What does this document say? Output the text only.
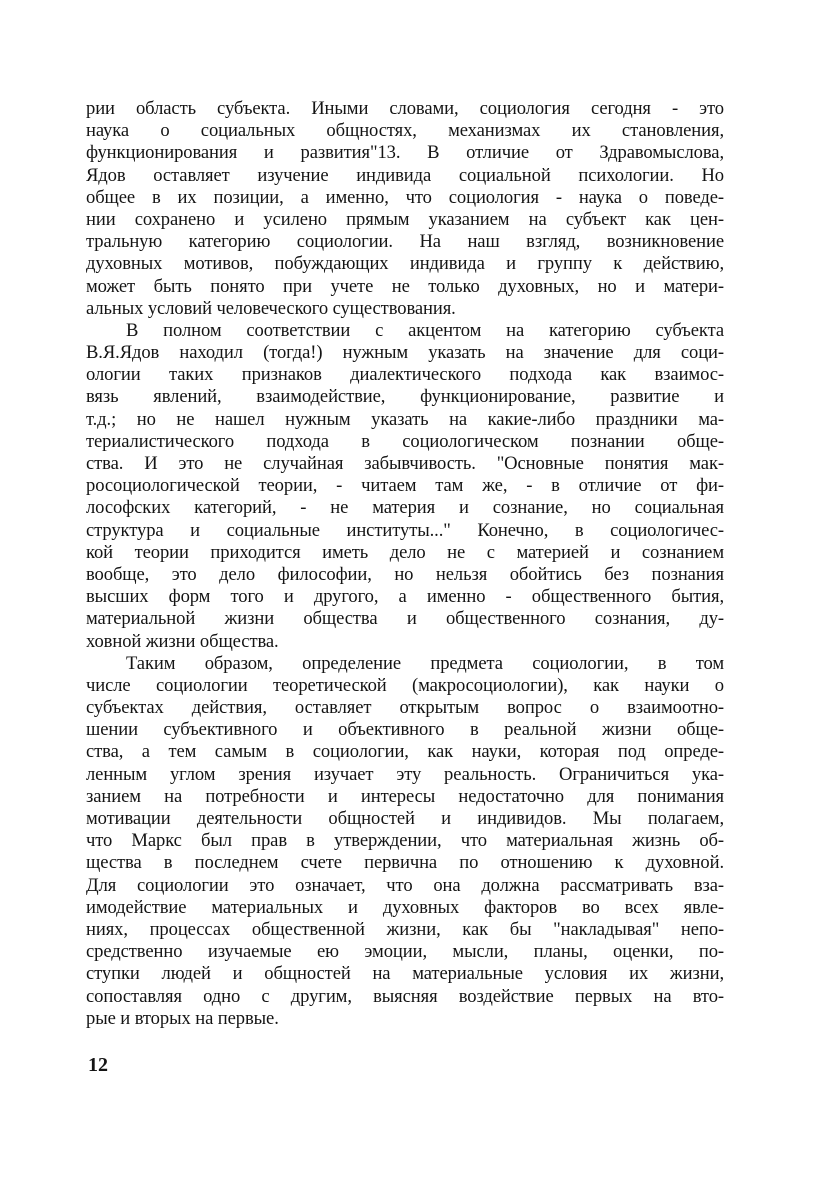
рии область субъекта. Иными словами, социология сегодня - это
наука о социальных общностях, механизмах их становления,
функционирования и развития"13. В отличие от Здравомыслова,
Ядов оставляет изучение индивида социальной психологии. Но
общее в их позиции, а именно, что социология - наука о поведе-
нии сохранено и усилено прямым указанием на субъект как цен-
тральную категорию социологии. На наш взгляд, возникновение
духовных мотивов, побуждающих индивида и группу к действию,
может быть понято при учете не только духовных, но и матери-
альных условий человеческого существования.
В полном соответствии с акцентом на категорию субъекта
В.Я.Ядов находил (тогда!) нужным указать на значение для соци-
ологии таких признаков диалектического подхода как взаимос-
вязь явлений, взаимодействие, функционирование, развитие и
т.д.; но не нашел нужным указать на какие-либо праздники ма-
териалистического подхода в социологическом познании обще-
ства. И это не случайная забывчивость. "Основные понятия мак-
росоциологической теории, - читаем там же, - в отличие от фи-
лософских категорий, - не материя и сознание, но социальная
структура и социальные институты..." Конечно, в социологичес-
кой теории приходится иметь дело не с материей и сознанием
вообще, это дело философии, но нельзя обойтись без познания
высших форм того и другого, а именно - общественного бытия,
материальной жизни общества и общественного сознания, ду-
ховной жизни общества.
Таким образом, определение предмета социологии, в том
числе социологии теоретической (макросоциологии), как науки о
субъектах действия, оставляет открытым вопрос о взаимоотно-
шении субъективного и объективного в реальной жизни обще-
ства, а тем самым в социологии, как науки, которая под опреде-
ленным углом зрения изучает эту реальность. Ограничиться ука-
занием на потребности и интересы недостаточно для понимания
мотивации деятельности общностей и индивидов. Мы полагаем,
что Маркс был прав в утверждении, что материальная жизнь об-
щества в последнем счете первична по отношению к духовной.
Для социологии это означает, что она должна рассматривать вза-
имодействие материальных и духовных факторов во всех явле-
ниях, процессах общественной жизни, как бы "накладывая" непо-
средственно изучаемые ею эмоции, мысли, планы, оценки, по-
ступки людей и общностей на материальные условия их жизни,
сопоставляя одно с другим, выясняя воздействие первых на вто-
рые и вторых на первые.
12
